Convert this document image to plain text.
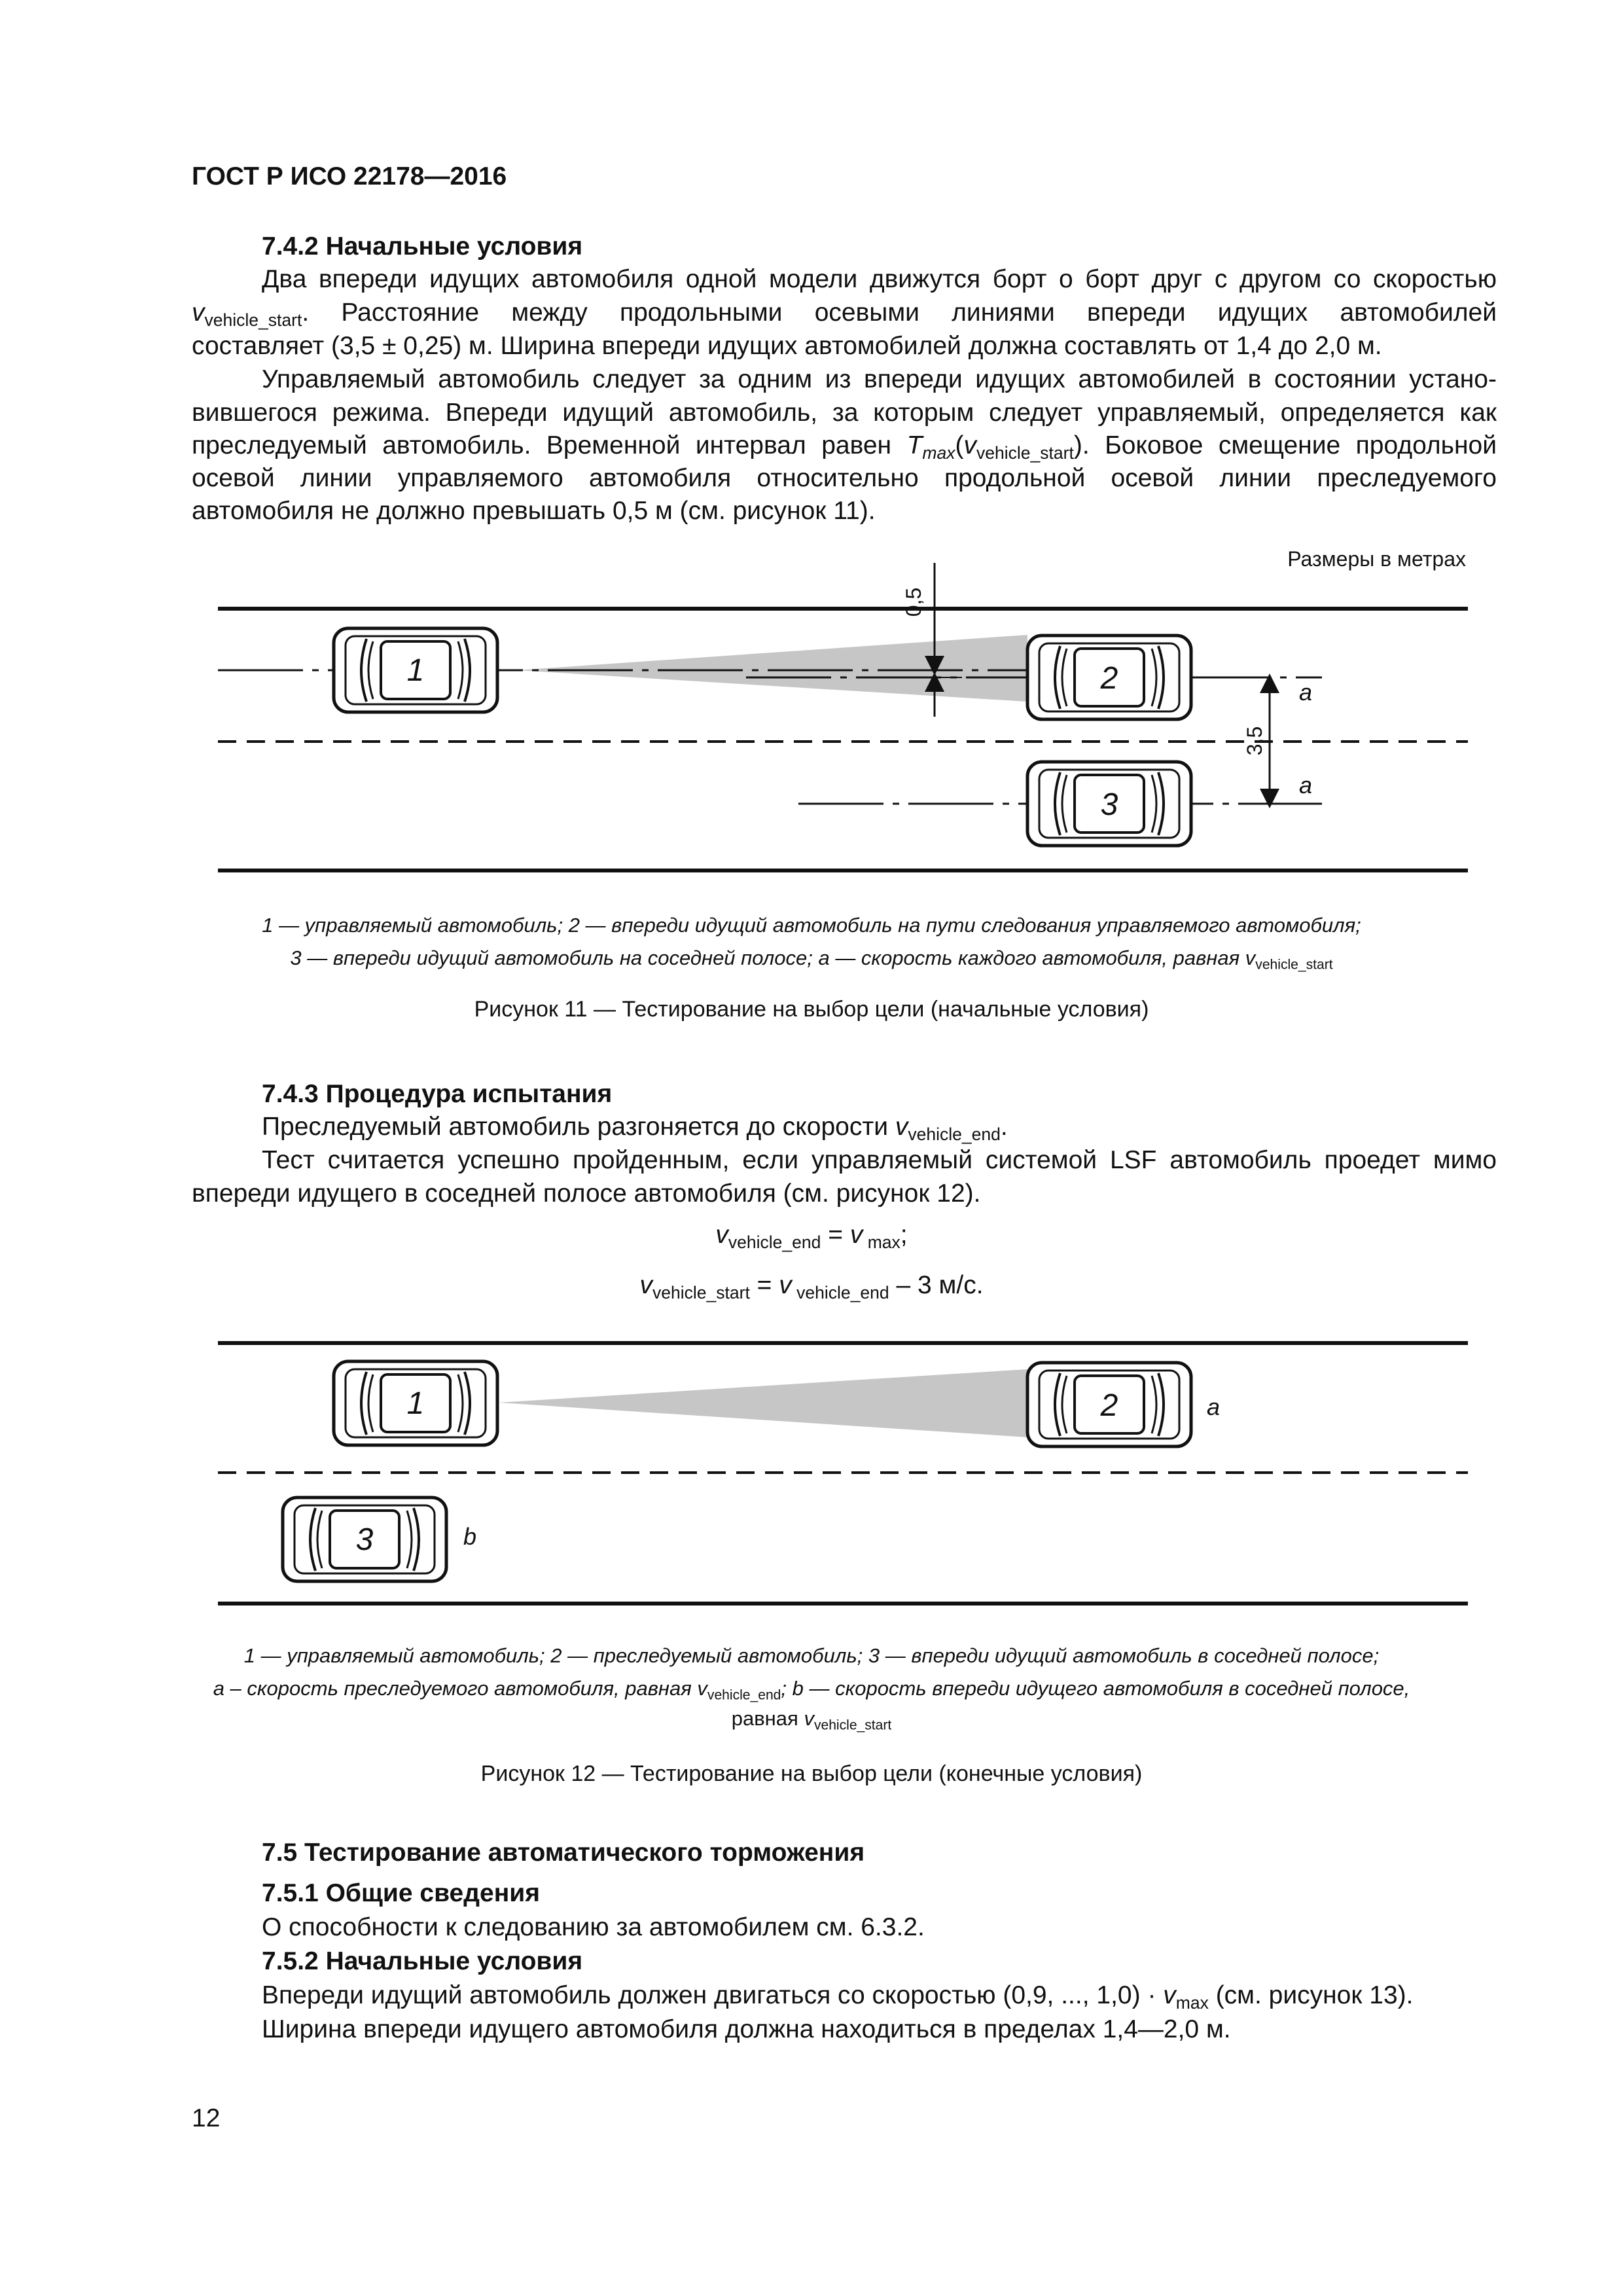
ГОСТ Р ИСО 22178—2016
7.4.2 Начальные условия
Два впереди идущих автомобиля одной модели движутся борт о борт друг с другом со скоростью
$v_{vehicle\_start}$. Расстояние между продольными осевыми линиями впереди идущих автомобилей
составляет (3,5 ± 0,25) м. Ширина впереди идущих автомобилей должна составлять от 1,4 до 2,0 м.
Управляемый автомобиль следует за одним из впереди идущих автомобилей в состоянии устано-
вившегося режима. Впереди идущий автомобиль, за которым следует управляемый, определяется как
преследуемый автомобиль. Временной интервал равен $T_{max}(v_{vehicle\_start})$. Боковое смещение продольной
осевой линии управляемого автомобиля относительно продольной осевой линии преследуемого
автомобиля не должно превышать 0,5 м (см. рисунок 11).
Размеры в метрах
1	2
3
0,5
3,5
a
a
1 — управляемый автомобиль; 2 — впереди идущий автомобиль на пути следования управляемого автомобиля;
3 — впереди идущий автомобиль на соседней полосе; a — скорость каждого автомобиля, равная $v_{vehicle\_start}$
Рисунок 11 — Тестирование на выбор цели (начальные условия)
7.4.3 Процедура испытания
Преследуемый автомобиль разгоняется до скорости $v_{vehicle\_end}$.
Тест считается успешно пройденным, если управляемый системой LSF автомобиль проедет мимо
впереди идущего в соседней полосе автомобиля (см. рисунок 12).
$v_{vehicle\_end} = v$ $_{max}$;
$v_{vehicle\_start} = v$ $_{vehicle\_end}$ – 3 м/с.
1	2
3
a
b
1 — управляемый автомобиль; 2 — преследуемый автомобиль; 3 — впереди идущий автомобиль в соседней полосе;
a – скорость преследуемого автомобиля, равная $v_{vehicle\_end}$; b — скорость впереди идущего автомобиля в соседней полосе,
равная $v_{vehicle\_start}$
Рисунок 12 — Тестирование на выбор цели (конечные условия)
7.5 Тестирование автоматического торможения
7.5.1 Общие сведения
О способности к следованию за автомобилем см. 6.3.2.
7.5.2 Начальные условия
Впереди идущий автомобиль должен двигаться со скоростью (0,9, ..., $1,0) \cdot v_{max}$ (см. рисунок 13).
Ширина впереди идущего автомобиля должна находиться в пределах 1,4—2,0 м.
12
